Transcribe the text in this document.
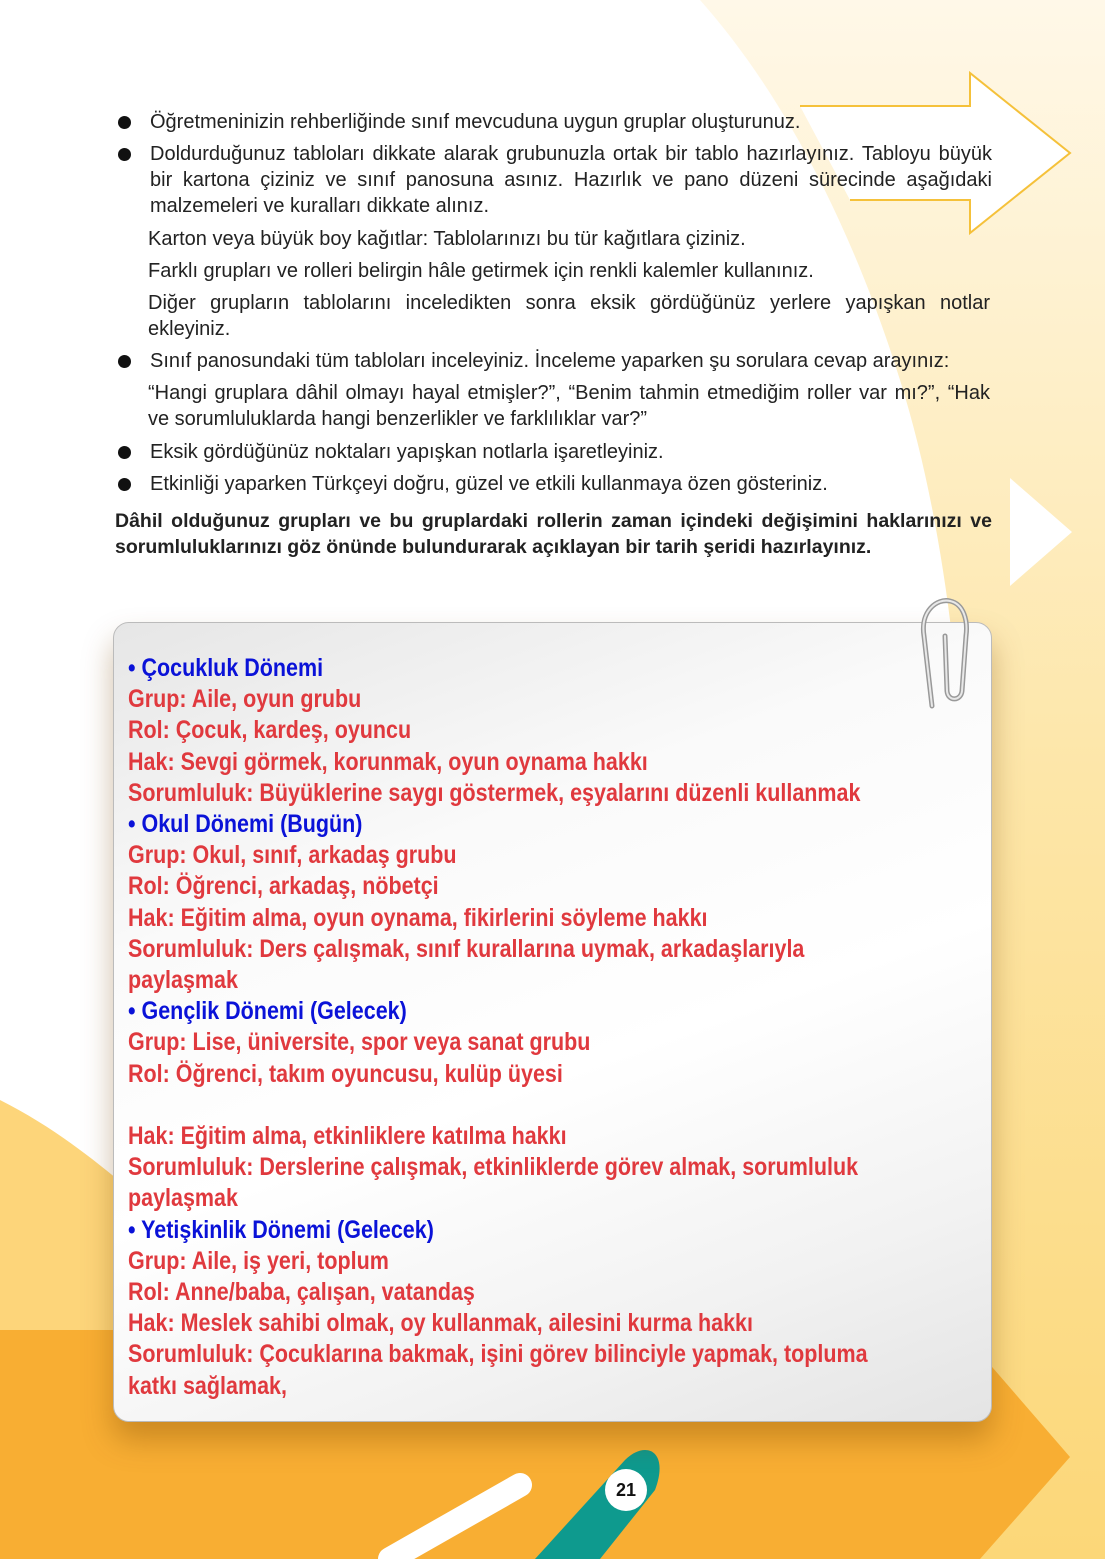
Öğretmeninizin rehberliğinde sınıf mevcuduna uygun gruplar oluşturunuz.
Doldurduğunuz tabloları dikkate alarak grubunuzla ortak bir tablo hazırlayınız. Tabloyu büyük bir kartona çiziniz ve sınıf panosuna asınız. Hazırlık ve pano düzeni sürecinde aşağıdaki malzemeleri ve kuralları dikkate alınız.
Karton veya büyük boy kağıtlar: Tablolarınızı bu tür kağıtlara çiziniz.
Farklı grupları ve rolleri belirgin hâle getirmek için renkli kalemler kullanınız.
Diğer grupların tablolarını inceledikten sonra eksik gördüğünüz yerlere yapışkan notlar ekleyiniz.
Sınıf panosundaki tüm tabloları inceleyiniz. İnceleme yaparken şu sorulara cevap arayınız:
“Hangi gruplara dâhil olmayı hayal etmişler?”, “Benim tahmin etmediğim roller var mı?”, “Hak ve sorumluluklarda hangi benzerlikler ve farklılıklar var?”
Eksik gördüğünüz noktaları yapışkan notlarla işaretleyiniz.
Etkinliği yaparken Türkçeyi doğru, güzel ve etkili kullanmaya özen gösteriniz.
Dâhil olduğunuz grupları ve bu gruplardaki rollerin zaman içindeki değişimini haklarınızı ve sorumluluklarınızı göz önünde bulundurarak açıklayan bir tarih şeridi hazırlayınız.
• Çocukluk Dönemi
Grup: Aile, oyun grubu
Rol: Çocuk, kardeş, oyuncu
Hak: Sevgi görmek, korunmak, oyun oynama hakkı
Sorumluluk: Büyüklerine saygı göstermek, eşyalarını düzenli kullanmak
• Okul Dönemi (Bugün)
Grup: Okul, sınıf, arkadaş grubu
Rol: Öğrenci, arkadaş, nöbetçi
Hak: Eğitim alma, oyun oynama, fikirlerini söyleme hakkı
Sorumluluk: Ders çalışmak, sınıf kurallarına uymak, arkadaşlarıyla
paylaşmak
• Gençlik Dönemi (Gelecek)
Grup: Lise, üniversite, spor veya sanat grubu
Rol: Öğrenci, takım oyuncusu, kulüp üyesi
Hak: Eğitim alma, etkinliklere katılma hakkı
Sorumluluk: Derslerine çalışmak, etkinliklerde görev almak, sorumluluk
paylaşmak
• Yetişkinlik Dönemi (Gelecek)
Grup: Aile, iş yeri, toplum
Rol: Anne/baba, çalışan, vatandaş
Hak: Meslek sahibi olmak, oy kullanmak, ailesini kurma hakkı
Sorumluluk: Çocuklarına bakmak, işini görev bilinciyle yapmak, topluma
katkı sağlamak,
21
